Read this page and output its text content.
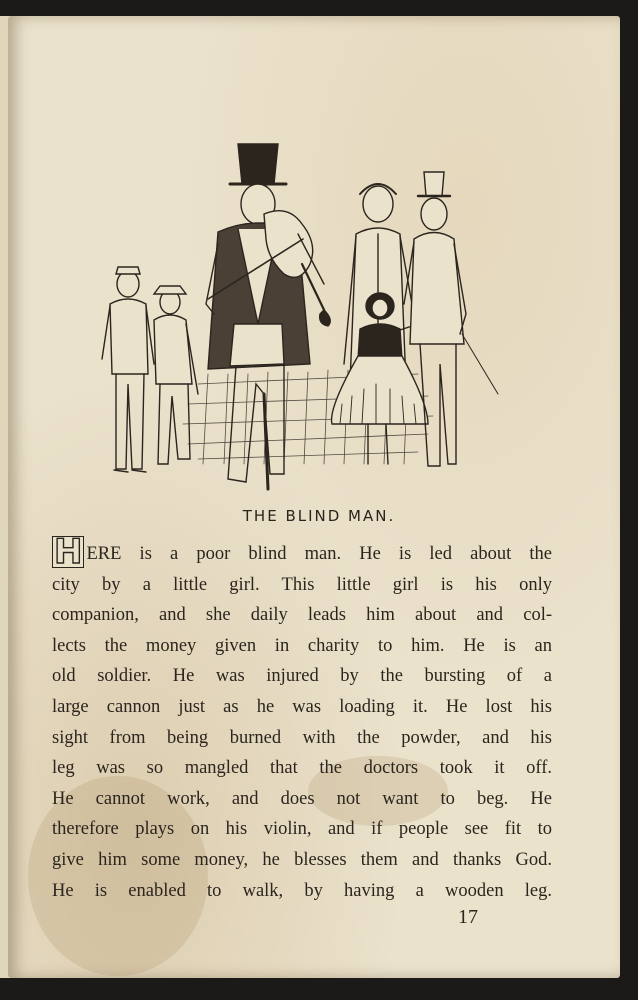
THE BLIND MAN.
H ERE is a poor blind man. He is led about the
city by a little girl. This little girl is his only
companion, and she daily leads him about and col-
lects the money given in charity to him. He is an
old soldier. He was injured by the bursting of a
large cannon just as he was loading it. He lost his
sight from being burned with the powder, and his
leg was so mangled that the doctors took it off.
He cannot work, and does not want to beg. He
therefore plays on his violin, and if people see fit to
give him some money, he blesses them and thanks God.
He is enabled to walk, by having a wooden leg.
17
